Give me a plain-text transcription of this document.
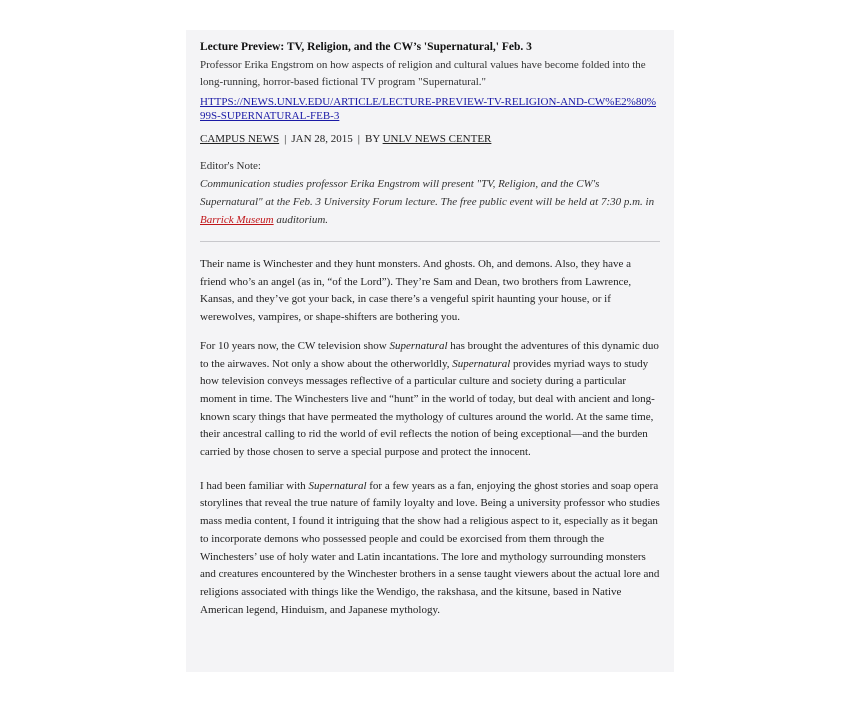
Lecture Preview: TV, Religion, and the CW’s 'Supernatural,' Feb. 3

Professor Erika Engstrom on how aspects of religion and cultural values have become folded into the long-running, horror-based fictional TV program "Supernatural."

HTTPS://NEWS.UNLV.EDU/ARTICLE/LECTURE-PREVIEW-TV-RELIGION-AND-CW%E2%80%99S-SUPERNATURAL-FEB-3
CAMPUS NEWS | JAN 28, 2015 | BY UNLV NEWS CENTER
Editor's Note:

Communication studies professor Erika Engstrom will present "TV, Religion, and the CW's Supernatural" at the Feb. 3 University Forum lecture. The free public event will be held at 7:30 p.m. in Barrick Museum auditorium.

Their name is Winchester and they hunt monsters. And ghosts. Oh, and demons. Also, they have a friend who’s an angel (as in, “of the Lord”). They’re Sam and Dean, two brothers from Lawrence, Kansas, and they’ve got your back, in case there’s a vengeful spirit haunting your house, or if werewolves, vampires, or shape-shifters are bothering you.

For 10 years now, the CW television show Supernatural has brought the adventures of this dynamic duo to the airwaves. Not only a show about the otherworldly, Supernatural provides myriad ways to study how television conveys messages reflective of a particular culture and society during a particular moment in time. The Winchesters live and “hunt” in the world of today, but deal with ancient and long-known scary things that have permeated the mythology of cultures around the world. At the same time, their ancestral calling to rid the world of evil reflects the notion of being exceptional—and the burden carried by those chosen to serve a special purpose and protect the innocent.

I had been familiar with Supernatural for a few years as a fan, enjoying the ghost stories and soap opera storylines that reveal the true nature of family loyalty and love. Being a university professor who studies mass media content, I found it intriguing that the show had a religious aspect to it, especially as it began to incorporate demons who possessed people and could be exorcised from them through the Winchesters’ use of holy water and Latin incantations. The lore and mythology surrounding monsters and creatures encountered by the Winchester brothers in a sense taught viewers about the actual lore and religions associated with things like the Wendigo, the rakshasa, and the kitsune, based in Native American legend, Hinduism, and Japanese mythology.
